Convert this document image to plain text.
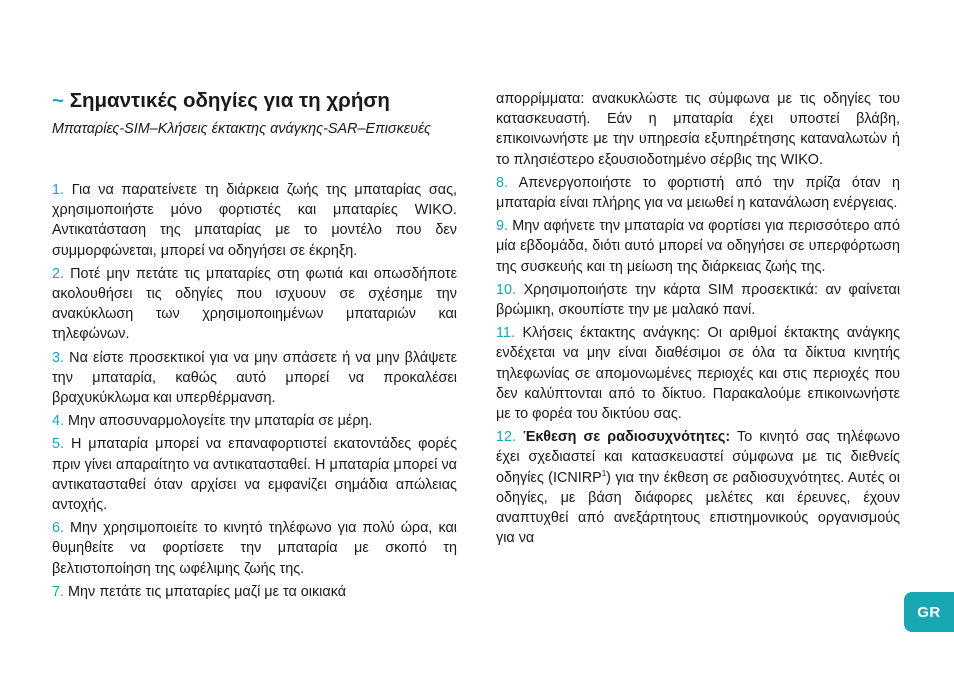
~ Σημαντικές οδηγίες για τη χρήση
Μπαταρίες-SIM–Κλήσεις έκτακτης ανάγκης-SAR–Επισκευές

1. Για να παρατείνετε τη διάρκεια ζωής της μπαταρίας σας, χρησιμοποιήστε μόνο φορτιστές και μπαταρίες WIKO. Αντικατάσταση της μπαταρίας με το μοντέλο που δεν συμμορφώνεται, μπορεί να οδηγήσει σε έκρηξη.

2. Ποτέ μην πετάτε τις μπαταρίες στη φωτιά και οπωσδήποτε ακολουθήσει τις οδηγίες που ισχυουν σε σχέσημε την ανακύκλωση των χρησιμοποιημένων μπαταριών και τηλεφώνων.

3. Να είστε προσεκτικοί για να μην σπάσετε ή να μην βλάψετε την μπαταρία, καθώς αυτό μπορεί να προκαλέσει βραχυκύκλωμα και υπερθέρμανση.

4. Μην αποσυναρμολογείτε την μπαταρία σε μέρη.

5. Η μπαταρία μπορεί να επαναφορτιστεί εκατοντάδες φορές πριν γίνει απαραίτητο να αντικατασταθεί. Η μπαταρία μπορεί να αντικατασταθεί όταν αρχίσει να εμφανίζει σημάδια απώλειας αντοχής.

6. Μην χρησιμοποιείτε το κινητό τηλέφωνο για πολύ ώρα, και θυμηθείτε να φορτίσετε την μπαταρία με σκοπό τη βελτιστοποίηση της ωφέλιμης ζωής της.

7. Μην πετάτε τις μπαταρίες μαζί με τα οικιακά

απορρίμματα: ανακυκλώστε τις σύμφωνα με τις οδηγίες του κατασκευαστή. Εάν η μπαταρία έχει υποστεί βλάβη, επικοινωνήστε με την υπηρεσία εξυπηρέτησης καταναλωτών ή το πλησιέστερο εξουσιοδοτημένο σέρβις της WIKO.

8. Απενεργοποιήστε το φορτιστή από την πρίζα όταν η μπαταρία είναι πλήρης για να μειωθεί η κατανάλωση ενέργειας.

9. Μην αφήνετε την μπαταρία να φορτίσει για περισσότερο από μία εβδομάδα, διότι αυτό μπορεί να οδηγήσει σε υπερφόρτωση της συσκευής και τη μείωση της διάρκειας ζωής της.

10. Χρησιμοποιήστε την κάρτα SIM προσεκτικά: αν φαίνεται βρώμικη, σκουπίστε την με μαλακό πανί.

11. Κλήσεις έκτακτης ανάγκης: Οι αριθμοί έκτακτης ανάγκης ενδέχεται να μην είναι διαθέσιμοι σε όλα τα δίκτυα κινητής τηλεφωνίας σε απομονωμένες περιοχές και στις περιοχές που δεν καλύπτονται από το δίκτυο. Παρακαλούμε επικοινωνήστε με το φορέα του δικτύου σας.

12. Έκθεση σε ραδιοσυχνότητες: Το κινητό σας τηλέφωνο έχει σχεδιαστεί και κατασκευαστεί σύμφωνα με τις διεθνείς οδηγίες (ICNIRP$^1$) για την έκθεση σε ραδιοσυχνότητες. Αυτές οι οδηγίες, με βάση διάφορες μελέτες και έρευνες, έχουν αναπτυχθεί από ανεξάρτητους επιστημονικούς οργανισμούς για να

GR
